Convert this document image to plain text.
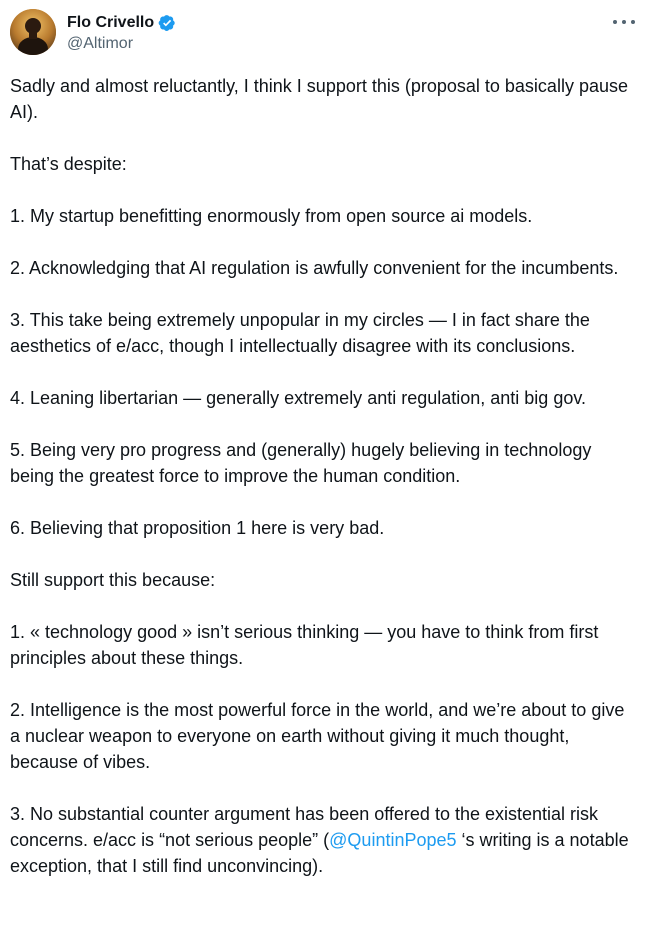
Flo Crivello
@Altimor

Sadly and almost reluctantly, I think I support this (proposal to basically pause AI).

That’s despite:

1. My startup benefitting enormously from open source ai models.

2. Acknowledging that AI regulation is awfully convenient for the incumbents.

3. This take being extremely unpopular in my circles — I in fact share the aesthetics of e/acc, though I intellectually disagree with its conclusions.

4. Leaning libertarian — generally extremely anti regulation, anti big gov.

5. Being very pro progress and (generally) hugely believing in technology being the greatest force to improve the human condition.

6. Believing that proposition 1 here is very bad.

Still support this because:

1. « technology good » isn’t serious thinking — you have to think from first principles about these things.

2. Intelligence is the most powerful force in the world, and we’re about to give a nuclear weapon to everyone on earth without giving it much thought, because of vibes.

3. No substantial counter argument has been offered to the existential risk concerns. e/acc is “not serious people” (@QuintinPope5 ‘s writing is a notable exception, that I still find unconvincing).
